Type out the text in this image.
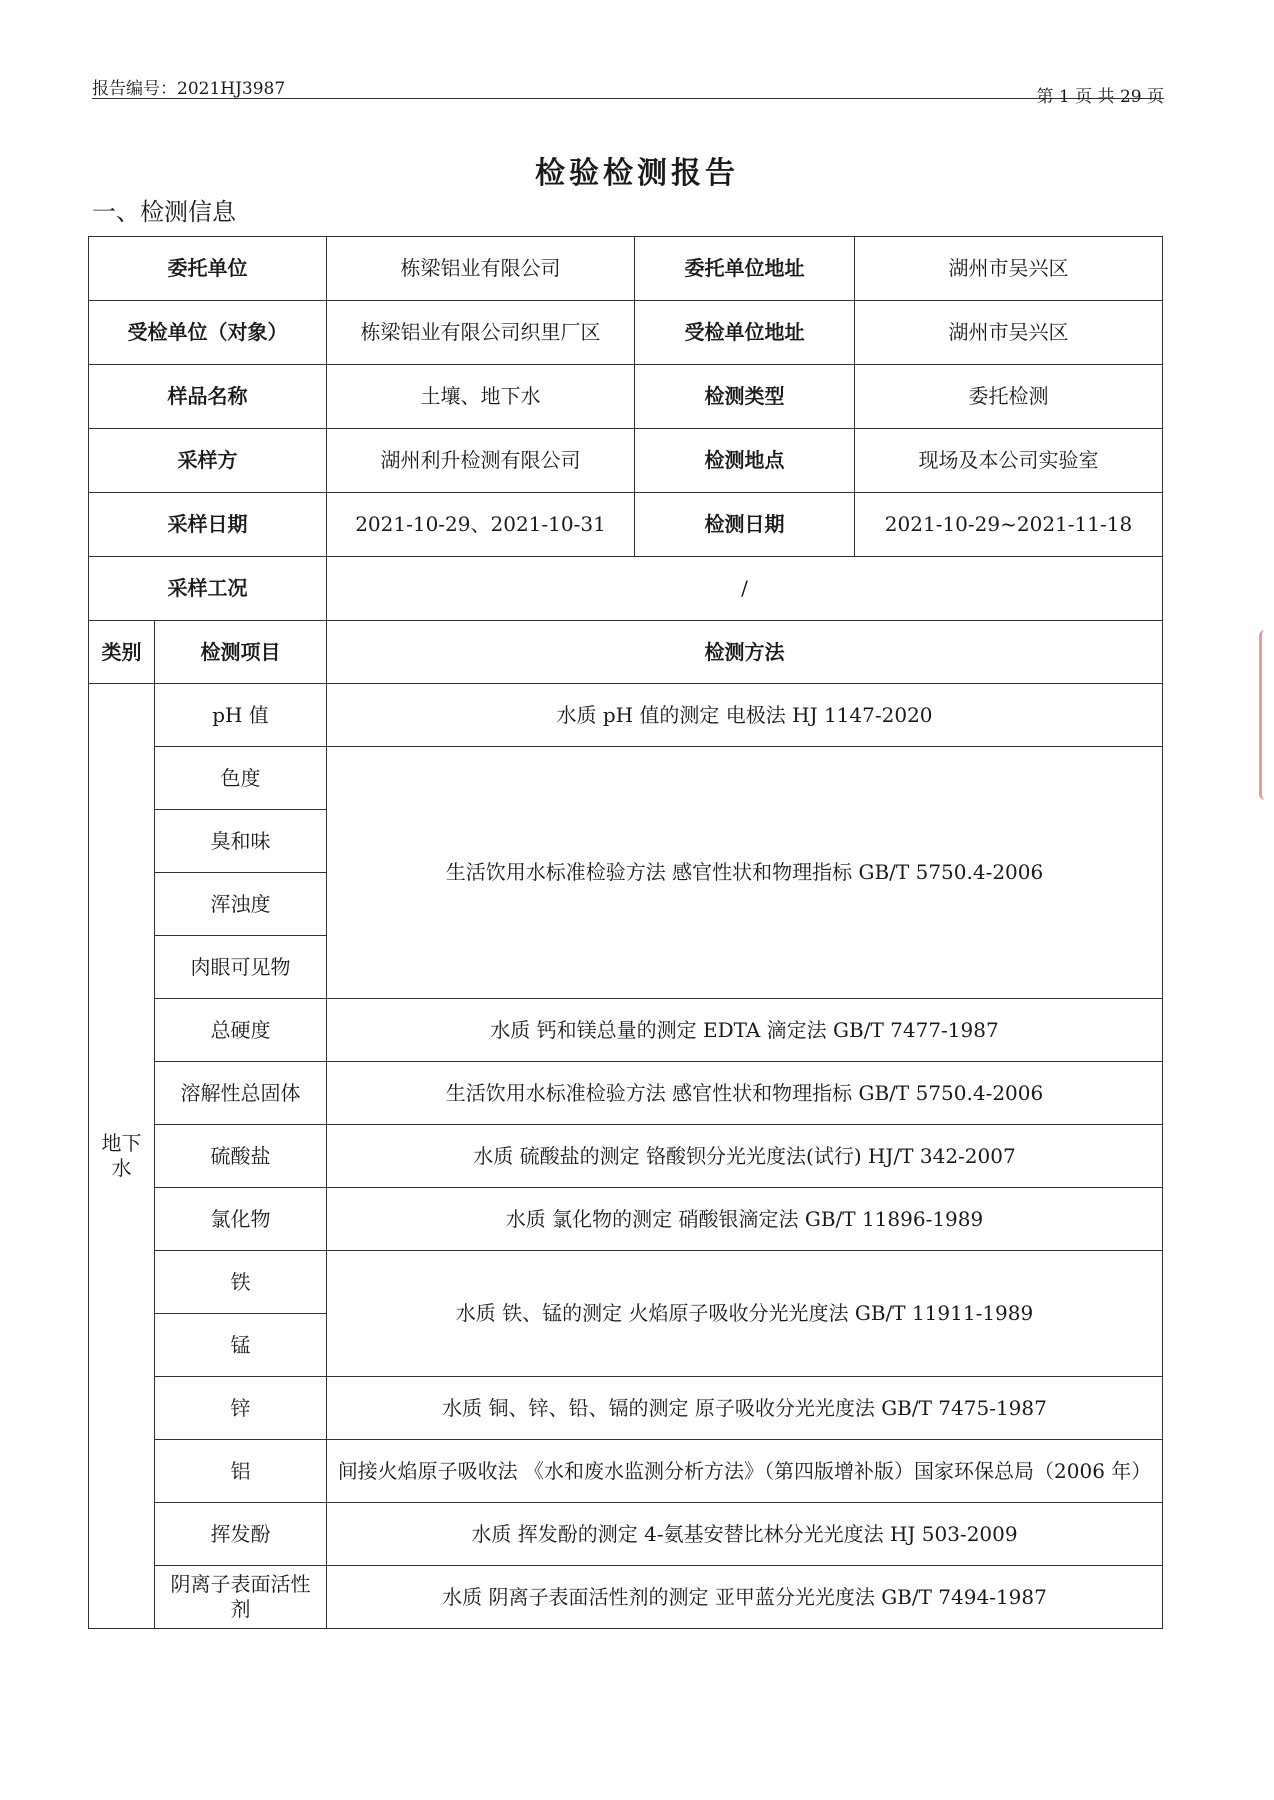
报告编号：2021HJ3987	第 1 页 共 29 页
检验检测报告
一、检测信息
委托单位		栋梁铝业有限公司	委托单位地址	湖州市吴兴区
受检单位（对象）		栋梁铝业有限公司织里厂区	受检单位地址	湖州市吴兴区
样品名称		土壤、地下水	检测类型	委托检测
采样方		湖州利升检测有限公司	检测地点	现场及本公司实验室
采样日期		2021-10-29、2021-10-31	检测日期	2021-10-29~2021-11-18
采样工况		/		
类别	检测项目	检测方法		
地下水	pH 值	水质 pH 值的测定 电极法 HJ 1147-2020		
	色度	生活饮用水标准检验方法 感官性状和物理指标 GB/T 5750.4-2006		
	臭和味			
	浑浊度			
	肉眼可见物			
	总硬度	水质 钙和镁总量的测定 EDTA 滴定法 GB/T 7477-1987		
	溶解性总固体	生活饮用水标准检验方法 感官性状和物理指标 GB/T 5750.4-2006		
	硫酸盐	水质 硫酸盐的测定 铬酸钡分光光度法(试行) HJ/T 342-2007		
	氯化物	水质 氯化物的测定 硝酸银滴定法 GB/T 11896-1989		
	铁	水质 铁、锰的测定 火焰原子吸收分光光度法 GB/T 11911-1989		
	锰			
	锌	水质 铜、锌、铅、镉的测定 原子吸收分光光度法 GB/T 7475-1987		
	铝	间接火焰原子吸收法 《水和废水监测分析方法》（第四版增补版）国家环保总局（2006 年）		
	挥发酚	水质 挥发酚的测定 4-氨基安替比林分光光度法 HJ 503-2009		
	阴离子表面活性剂	水质 阴离子表面活性剂的测定 亚甲蓝分光光度法 GB/T 7494-1987		
